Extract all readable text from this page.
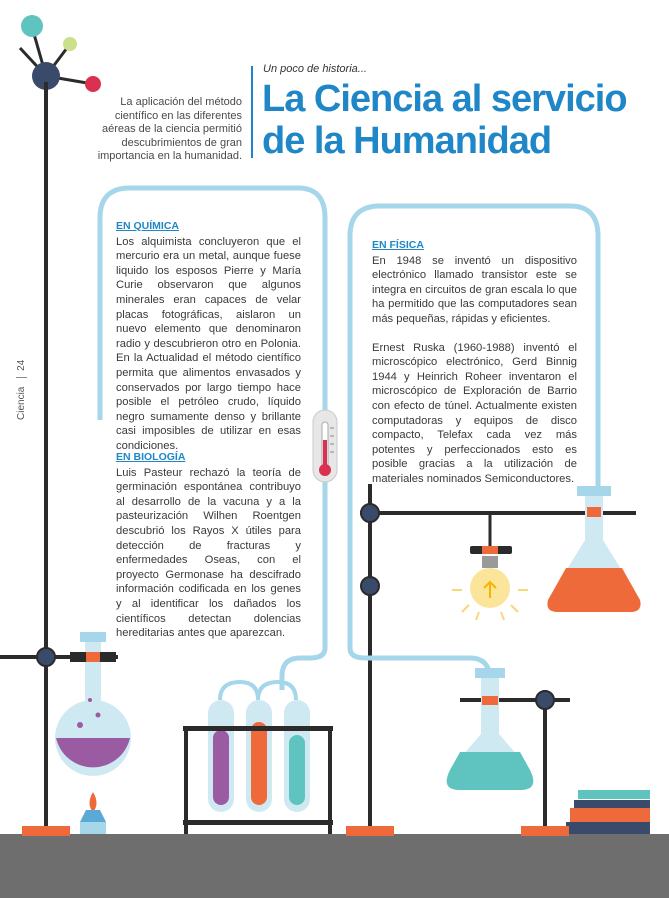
Un poco de historia...
La Ciencia al servicio
de la Humanidad
La aplicación del método científico en las diferentes aéreas de la ciencia permitió descubrimientos de gran importancia en la humanidad.
Ciencia 24
EN QUÍMICA

Los alquimista concluyeron que el mercurio era un metal, aunque fuese liquido los esposos Pierre y María Curie observaron que algunos minerales eran capaces de velar placas fotográficas, aislaron un nuevo elemento que denominaron radio y descubrieron otro en Polonia. En la Actualidad el método científico permita que alimentos envasados y conservados por largo tiempo hace posible el petróleo crudo, líquido negro sumamente denso y brillante casi imposibles de utilizar en esas condiciones.

EN BIOLOGÍA

Luis Pasteur rechazó la teoría de germinación espontánea contribuyo al desarrollo de la vacuna y a la pasteurización Wilhen Roentgen descubrió los Rayos X útiles para detección de fracturas y enfermedades Oseas, con el proyecto Germonase ha descifrado información codificada en los genes y al identificar los dañados los científicos detectan dolencias hereditarias antes que aparezcan.

EN FÍSICA

En 1948 se inventó un dispositivo electrónico llamado transistor este se integra en circuitos de gran escala lo que ha permitido que las computadores sean más pequeñas, rápidas y eficientes.

Ernest Ruska (1960-1988) inventó el microscópico electrónico, Gerd Binnig 1944 y Heinrich Roheer inventaron el microscópico de Exploración de Barrio con efecto de túnel. Actualmente existen computadoras y equipos de disco compacto, Telefax cada vez más potentes y perfeccionados esto es posible gracias a la utilización de materiales nominados Semiconductores.
